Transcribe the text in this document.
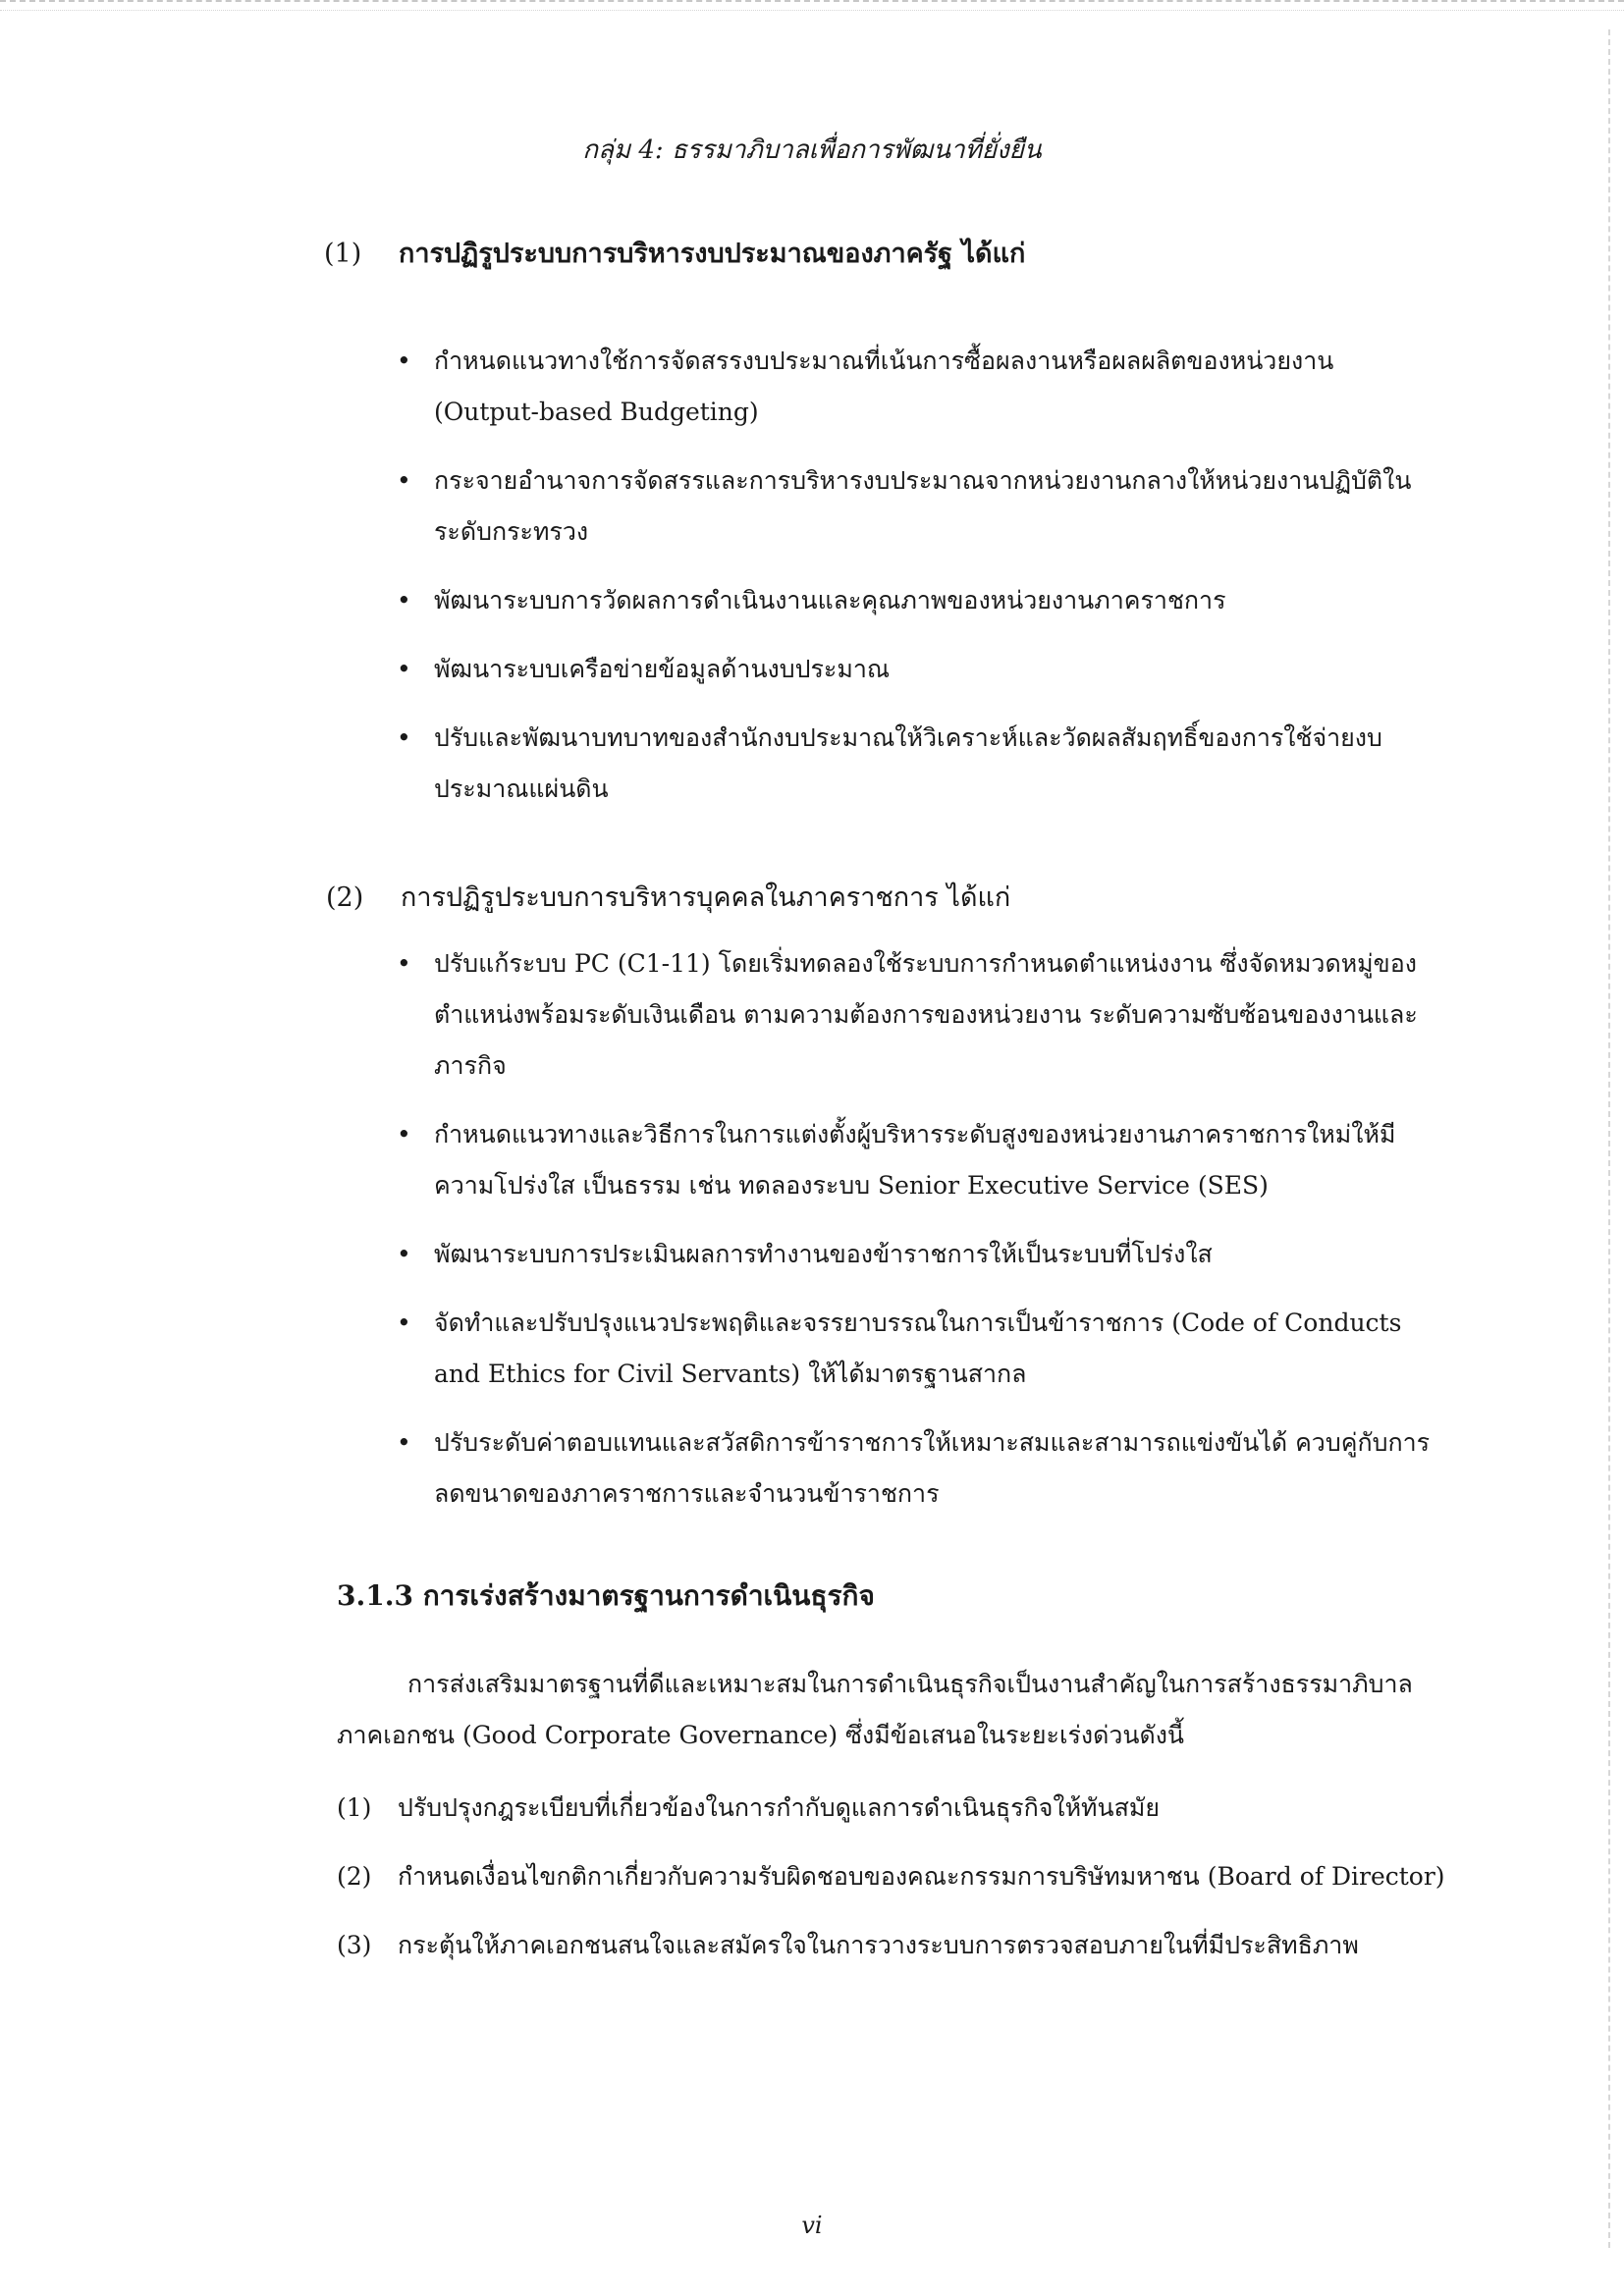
กลุ่ม 4: ธรรมาภิบาลเพื่อการพัฒนาที่ยั่งยืน
(1) การปฏิรูประบบการบริหารงบประมาณของภาครัฐ ได้แก่
• กำหนดแนวทางใช้การจัดสรรงบประมาณที่เน้นการซื้อผลงานหรือผลผลิตของหน่วยงาน (Output-based Budgeting)
• กระจายอำนาจการจัดสรรและการบริหารงบประมาณจากหน่วยงานกลางให้หน่วยงานปฏิบัติในระดับกระทรวง
• พัฒนาระบบการวัดผลการดำเนินงานและคุณภาพของหน่วยงานภาคราชการ
• พัฒนาระบบเครือข่ายข้อมูลด้านงบประมาณ
• ปรับและพัฒนาบทบาทของสำนักงบประมาณให้วิเคราะห์และวัดผลสัมฤทธิ์ของการใช้จ่ายงบประมาณแผ่นดิน
(2) การปฏิรูประบบการบริหารบุคคลในภาคราชการ ได้แก่
• ปรับแก้ระบบ PC (C1-11) โดยเริ่มทดลองใช้ระบบการกำหนดตำแหน่งงาน ซึ่งจัดหมวดหมู่ของตำแหน่งพร้อมระดับเงินเดือน ตามความต้องการของหน่วยงาน ระดับความซับซ้อนของงานและภารกิจ
• กำหนดแนวทางและวิธีการในการแต่งตั้งผู้บริหารระดับสูงของหน่วยงานภาคราชการใหม่ให้มีความโปร่งใส เป็นธรรม เช่น ทดลองระบบ Senior Executive Service (SES)
• พัฒนาระบบการประเมินผลการทำงานของข้าราชการให้เป็นระบบที่โปร่งใส
• จัดทำและปรับปรุงแนวประพฤติและจรรยาบรรณในการเป็นข้าราชการ (Code of Conducts and Ethics for Civil Servants) ให้ได้มาตรฐานสากล
• ปรับระดับค่าตอบแทนและสวัสดิการข้าราชการให้เหมาะสมและสามารถแข่งขันได้ ควบคู่กับการลดขนาดของภาคราชการและจำนวนข้าราชการ
3.1.3 การเร่งสร้างมาตรฐานการดำเนินธุรกิจ
การส่งเสริมมาตรฐานที่ดีและเหมาะสมในการดำเนินธุรกิจเป็นงานสำคัญในการสร้างธรรมาภิบาลภาคเอกชน (Good Corporate Governance) ซึ่งมีข้อเสนอในระยะเร่งด่วนดังนี้
(1) ปรับปรุงกฎระเบียบที่เกี่ยวข้องในการกำกับดูแลการดำเนินธุรกิจให้ทันสมัย
(2) กำหนดเงื่อนไขกติกาเกี่ยวกับความรับผิดชอบของคณะกรรมการบริษัทมหาชน (Board of Director)
(3) กระตุ้นให้ภาคเอกชนสนใจและสมัครใจในการวางระบบการตรวจสอบภายในที่มีประสิทธิภาพ
vi
